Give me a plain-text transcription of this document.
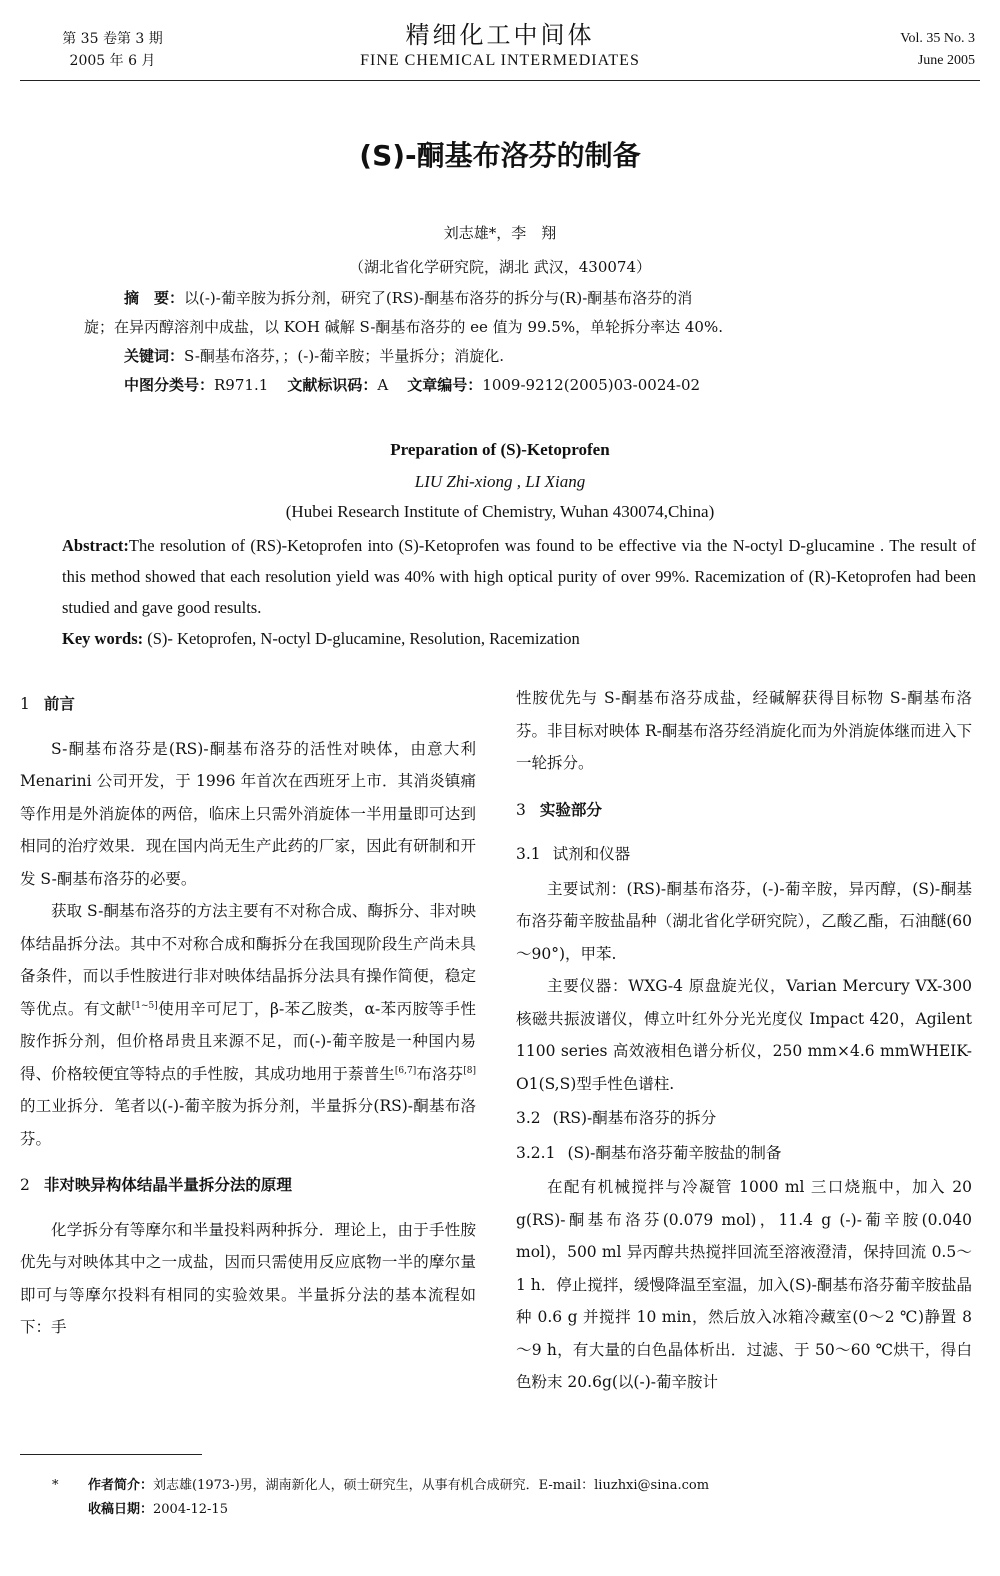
第 35 卷第 3 期
2005 年 6 月
精细化工中间体
FINE CHEMICAL INTERMEDIATES
Vol. 35 No. 3
June 2005
(S)-酮基布洛芬的制备
刘志雄*，李　翔
（湖北省化学研究院，湖北 武汉，430074）

摘　要：以(-)-葡辛胺为拆分剂，研究了(RS)-酮基布洛芬的拆分与(R)-酮基布洛芬的消

旋；在异丙醇溶剂中成盐，以 KOH 碱解 S-酮基布洛芬的 ee 值为 99.5%，单轮拆分率达 40%.

关键词：S-酮基布洛芬，；(-)-葡辛胺；半量拆分；消旋化.

中图分类号：R971.1 文献标识码：A 文章编号：1009-9212(2005)03-0024-02

Preparation of (S)-Ketoprofen
LIU Zhi-xiong , LI Xiang
(Hubei Research Institute of Chemistry, Wuhan 430074,China)

Abstract:The resolution of (RS)-Ketoprofen into (S)-Ketoprofen was found to be effective via the N-octyl D-glucamine . The result of this method showed that each resolution yield was 40% with high optical purity of over 99%. Racemization of (R)-Ketoprofen had been studied and gave good results.

Key words: (S)- Ketoprofen, N-octyl D-glucamine, Resolution, Racemization

1 前言

S-酮基布洛芬是(RS)-酮基布洛芬的活性对映体，由意大利 Menarini 公司开发，于 1996 年首次在西班牙上市．其消炎镇痛等作用是外消旋体的两倍，临床上只需外消旋体一半用量即可达到相同的治疗效果．现在国内尚无生产此药的厂家，因此有研制和开发 S-酮基布洛芬的必要。

获取 S-酮基布洛芬的方法主要有不对称合成、酶拆分、非对映体结晶拆分法。其中不对称合成和酶拆分在我国现阶段生产尚未具备条件，而以手性胺进行非对映体结晶拆分法具有操作简便，稳定等优点。有文献[1~5]使用辛可尼丁，β-苯乙胺类，α-苯丙胺等手性胺作拆分剂，但价格昂贵且来源不足，而(-)-葡辛胺是一种国内易得、价格较便宜等特点的手性胺，其成功地用于萘普生[6,7]布洛芬[8]的工业拆分．笔者以(-)-葡辛胺为拆分剂，半量拆分(RS)-酮基布洛芬。

2 非对映异构体结晶半量拆分法的原理

化学拆分有等摩尔和半量投料两种拆分．理论上，由于手性胺优先与对映体其中之一成盐，因而只需使用反应底物一半的摩尔量即可与等摩尔投料有相同的实验效果。半量拆分法的基本流程如下：手

性胺优先与 S-酮基布洛芬成盐，经碱解获得目标物 S-酮基布洛芬。非目标对映体 R-酮基布洛芬经消旋化而为外消旋体继而进入下一轮拆分。

3 实验部分

3.1 试剂和仪器

主要试剂：(RS)-酮基布洛芬，(-)-葡辛胺，异丙醇，(S)-酮基布洛芬葡辛胺盐晶种（湖北省化学研究院），乙酸乙酯，石油醚(60～90°)，甲苯.

主要仪器：WXG-4 原盘旋光仪，Varian Mercury VX-300 核磁共振波谱仪，傅立叶红外分光光度仪 Impact 420，Agilent 1100 series 高效液相色谱分析仪，250 mm×4.6 mmWHEIK-O1(S,S)型手性色谱柱.

3.2 (RS)-酮基布洛芬的拆分

3.2.1 (S)-酮基布洛芬葡辛胺盐的制备

在配有机械搅拌与冷凝管 1000 ml 三口烧瓶中，加入 20 g(RS)-酮基布洛芬(0.079 mol)，11.4 g (-)-葡辛胺(0.040 mol)，500 ml 异丙醇共热搅拌回流至溶液澄清，保持回流 0.5～1 h．停止搅拌，缓慢降温至室温，加入(S)-酮基布洛芬葡辛胺盐晶种 0.6 g 并搅拌 10 min，然后放入冰箱冷藏室(0～2 ℃)静置 8～9 h，有大量的白色晶体析出．过滤、于 50～60 ℃烘干，得白色粉末 20.6g(以(-)-葡辛胺计

* 作者简介：刘志雄(1973-)男，湖南新化人，硕士研究生，从事有机合成研究．E-mail：liuzhxi@sina.com

收稿日期：2004-12-15
